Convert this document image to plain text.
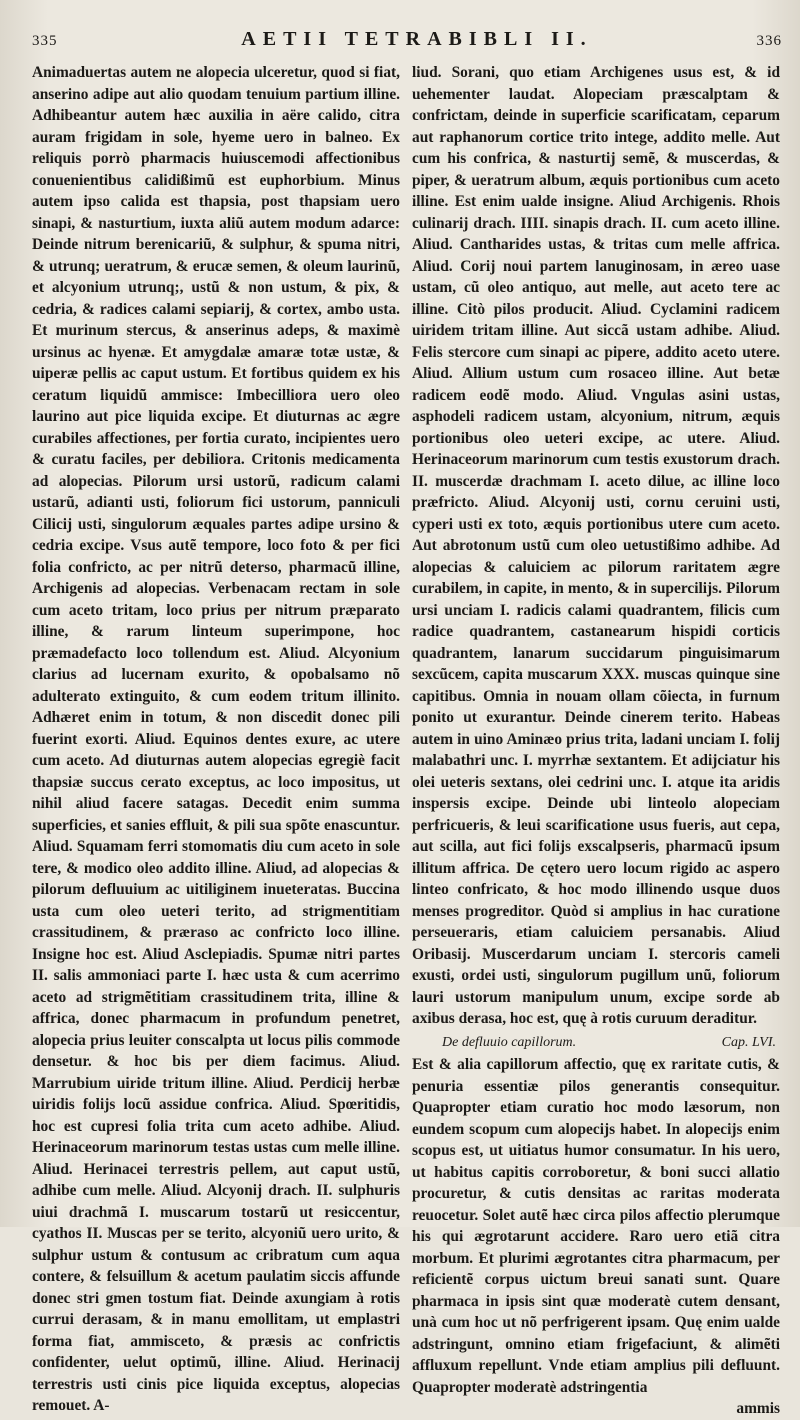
335	AETII TETRABIBLI II.	336

Animaduertas autem ne alopecia ulceretur, quod si fiat, anserino adipe aut alio quodam tenuium partium illine. Adhibeantur autem hæc auxilia in aëre calido, citra auram frigidam in sole, hyeme uero in balneo. Ex reliquis porrò pharmacis huiuscemodi affectionibus conuenientibus calidißimũ est euphorbium. Minus autem ipso calida est thapsia, post thapsiam uero sinapi, & nasturtium, iuxta aliũ autem modum adarce: Deinde nitrum berenicariũ, & sulphur, & spuma nitri, & utrunq; ueratrum, & erucæ semen, & oleum laurinũ, et alcyonium utrunq;, ustũ & non ustum, & pix, & cedria, & radices calami sepiarij, & cortex, ambo usta. Et murinum stercus, & anserinus adeps, & maximè ursinus ac hyenæ. Et amygdalæ amaræ totæ ustæ, & uiperæ pellis ac caput ustum. Et fortibus quidem ex his ceratum liquidũ ammisce: Imbecilliora uero oleo laurino aut pice liquida excipe. Et diuturnas ac ægre curabiles affectiones, per fortia curato, incipientes uero & curatu faciles, per debiliora. Critonis medicamenta ad alopecias. Pilorum ursi ustorũ, radicum calami ustarũ, adianti usti, foliorum fici ustorum, panniculi Cilicij usti, singulorum æquales partes adipe ursino & cedria excipe. Vsus autẽ tempore, loco foto & per fici folia confricto, ac per nitrũ deterso, pharmacũ illine, Archigenis ad alopecias. Verbenacam rectam in sole cum aceto tritam, loco prius per nitrum præparato illine, & rarum linteum superimpone, hoc præmadefacto loco tollendum est. Aliud. Alcyonium clarius ad lucernam exurito, & opobalsamo nõ adulterato extinguito, & cum eodem tritum illinito. Adhæret enim in totum, & non discedit donec pili fuerint exorti. Aliud. Equinos dentes exure, ac utere cum aceto. Ad diuturnas autem alopecias egregiè facit thapsiæ succus cerato exceptus, ac loco impositus, ut nihil aliud facere satagas. Decedit enim summa superficies, et sanies effluit, & pili sua spõte enascuntur. Aliud. Squamam ferri stomomatis diu cum aceto in sole tere, & modico oleo addito illine. Aliud, ad alopecias & pilorum defluuium ac uitiliginem inueteratas. Buccina usta cum oleo ueteri terito, ad strigmentitiam crassitudinem, & præraso ac confricto loco illine. Insigne hoc est. Aliud Asclepiadis. Spumæ nitri partes II. salis ammoniaci parte I. hæc usta & cum acerrimo aceto ad strigmẽtitiam crassitudinem trita, illine & affrica, donec pharmacum in profundum penetret, alopecia prius leuiter conscalpta ut locus pilis commode densetur. & hoc bis per diem facimus. Aliud. Marrubium uiride tritum illine. Aliud. Perdicij herbæ uiridis folijs locũ assidue confrica. Aliud. Spœritidis, hoc est cupresi folia trita cum aceto adhibe. Aliud. Herinaceorum marinorum testas ustas cum melle illine. Aliud. Herinacei terrestris pellem, aut caput ustũ, adhibe cum melle. Aliud. Alcyonij drach. II. sulphuris uiui drachmã I. muscarum tostarũ ut resiccentur, cyathos II. Muscas per se terito, alcyoniũ uero urito, & sulphur ustum & contusum ac cribratum cum aqua contere, & felsuillum & acetum paulatim siccis affunde donec stri gmen tostum fiat. Deinde axungiam à rotis currui derasam, & in manu emollitam, ut emplastri forma fiat, ammisceto, & præsis ac confrictis confidenter, uelut optimũ, illine. Aliud. Herinacij terrestris usti cinis pice liquida exceptus, alopecias remouet. A-

liud. Sorani, quo etiam Archigenes usus est, & id uehementer laudat. Alopeciam præscalptam & confrictam, deinde in superficie scarificatam, ceparum aut raphanorum cortice trito intege, addito melle. Aut cum his confrica, & nasturtij semẽ, & muscerdas, & piper, & ueratrum album, æquis portionibus cum aceto illine. Est enim ualde insigne. Aliud Archigenis. Rhois culinarij drach. IIII. sinapis drach. II. cum aceto illine. Aliud. Cantharides ustas, & tritas cum melle affrica. Aliud. Corij noui partem lanuginosam, in æreo uase ustam, cũ oleo antiquo, aut melle, aut aceto tere ac illine. Citò pilos producit. Aliud. Cyclamini radicem uiridem tritam illine. Aut siccã ustam adhibe. Aliud. Felis stercore cum sinapi ac pipere, addito aceto utere. Aliud. Allium ustum cum rosaceo illine. Aut betæ radicem eodẽ modo. Aliud. Vngulas asini ustas, asphodeli radicem ustam, alcyonium, nitrum, æquis portionibus oleo ueteri excipe, ac utere. Aliud. Herinaceorum marinorum cum testis exustorum drach. II. muscerdæ drachmam I. aceto dilue, ac illine loco præfricto. Aliud. Alcyonij usti, cornu ceruini usti, cyperi usti ex toto, æquis portionibus utere cum aceto. Aut abrotonum ustũ cum oleo uetustißimo adhibe. Ad alopecias & caluiciem ac pilorum raritatem ægre curabilem, in capite, in mento, & in supercilijs. Pilorum ursi unciam I. radicis calami quadrantem, filicis cum radice quadrantem, castanearum hispidi corticis quadrantem, lanarum succidarum pinguisimarum sexcũcem, capita muscarum XXX. muscas quinque sine capitibus. Omnia in nouam ollam cõiecta, in furnum ponito ut exurantur. Deinde cinerem terito. Habeas autem in uino Aminæo prius trita, ladani unciam I. folij malabathri unc. I. myrrhæ sextantem. Et adijciatur his olei ueteris sextans, olei cedrini unc. I. atque ita aridis inspersis excipe. Deinde ubi linteolo alopeciam perfricueris, & leui scarificatione usus fueris, aut cepa, aut scilla, aut fici folijs exscalpseris, pharmacũ ipsum illitum affrica. De cętero uero locum rigido ac aspero linteo confricato, & hoc modo illinendo usque duos menses progreditor. Quòd si amplius in hac curatione perseueraris, etiam caluiciem persanabis. Aliud Oribasij. Muscerdarum unciam I. stercoris cameli exusti, ordei usti, singulorum pugillum unũ, foliorum lauri ustorum manipulum unum, excipe sorde ab axibus derasa, hoc est, quę à rotis curuum deraditur.

De defluuio capillorum.	Cap. LVI.

Est & alia capillorum affectio, quę ex raritate cutis, & penuria essentiæ pilos generantis consequitur. Quapropter etiam curatio hoc modo læsorum, non eundem scopum cum alopecijs habet. In alopecijs enim scopus est, ut uitiatus humor consumatur. In his uero, ut habitus capitis corroboretur, & boni succi allatio procuretur, & cutis densitas ac raritas moderata reuocetur. Solet autẽ hæc circa pilos affectio plerumque his qui ægrotarunt accidere. Raro uero etiã citra morbum. Et plurimi ægrotantes citra pharmacum, per reficientẽ corpus uictum breui sanati sunt. Quare pharmaca in ipsis sint quæ moderatè cutem densant, unà cum hoc ut nõ perfrigerent ipsam. Quę enim ualde adstringunt, omnino etiam frigefaciunt, & alimẽti affluxum repellunt. Vnde etiam amplius pili defluunt. Quapropter moderatè adstringentia

ammis
